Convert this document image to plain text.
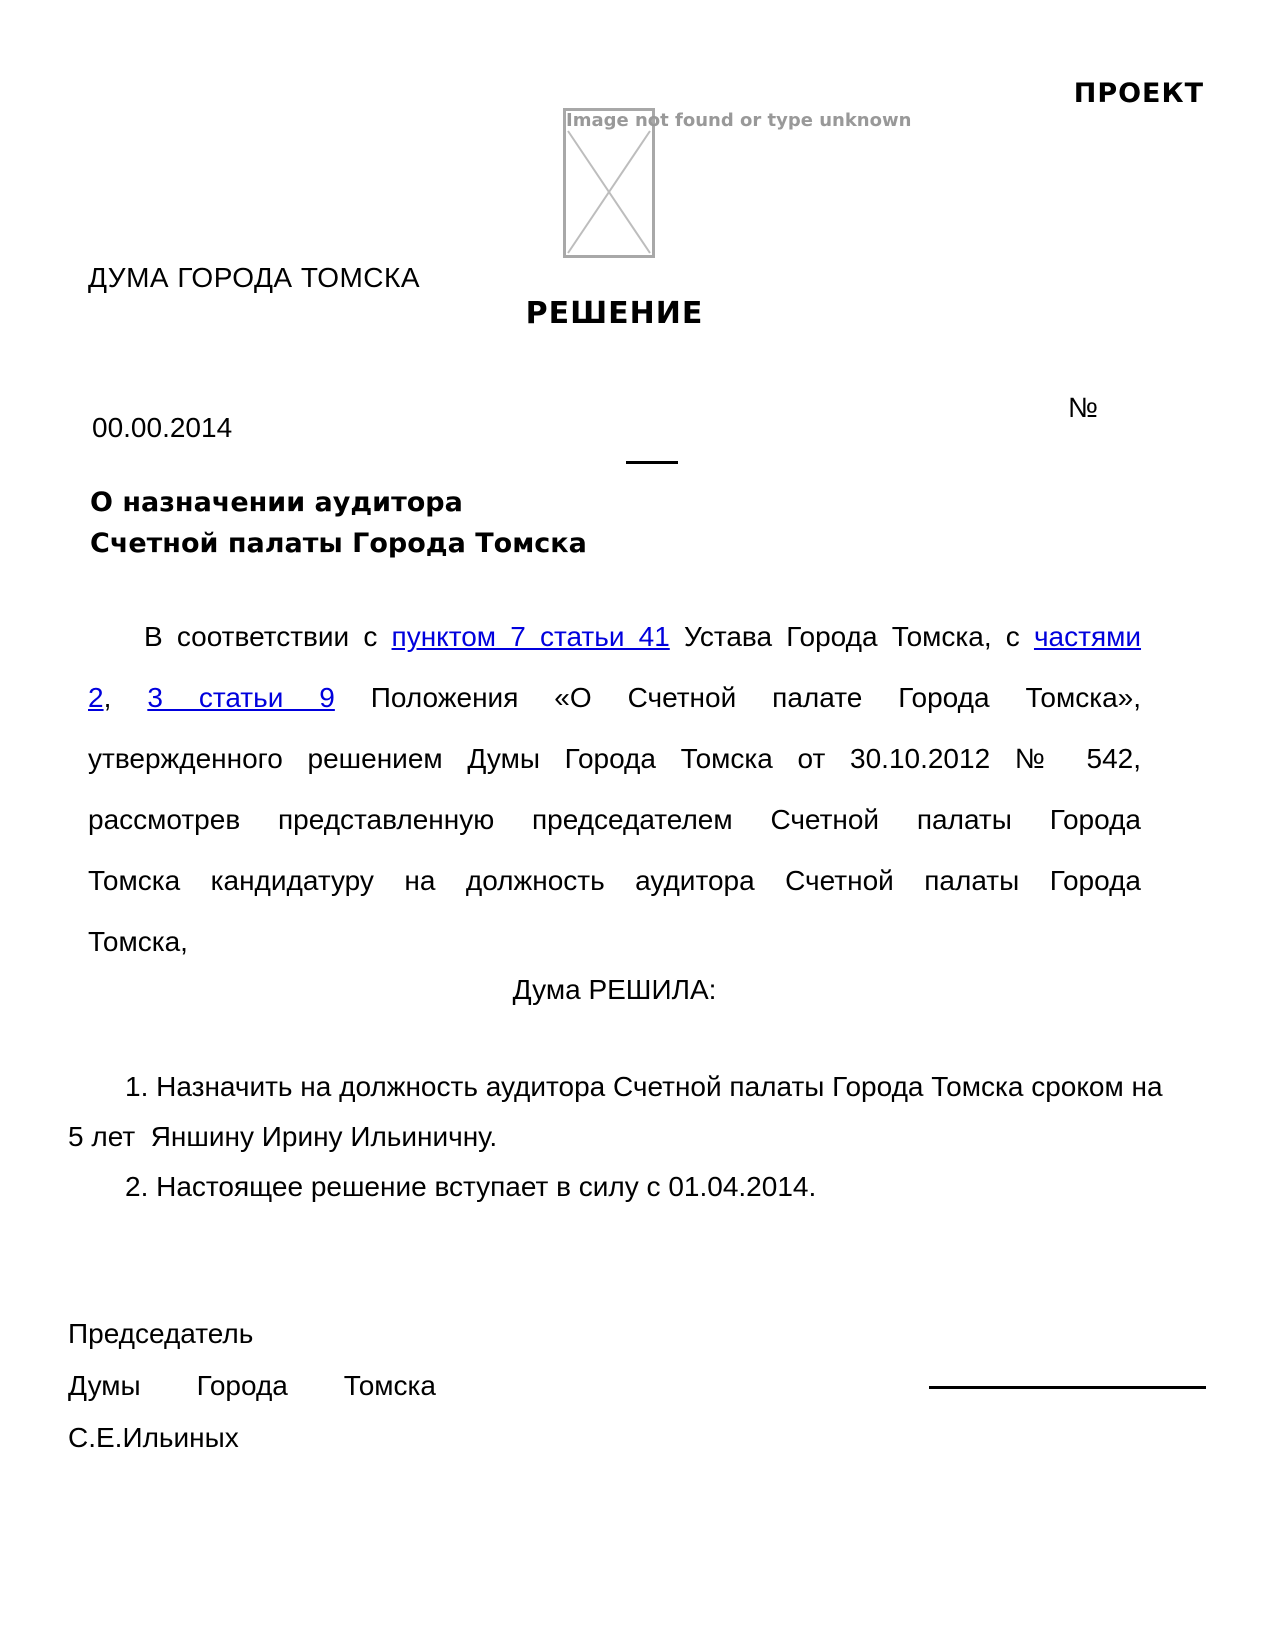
ПРОЕКТ
Image not found or type unknown
ДУМА ГОРОДА ТОМСКА
РЕШЕНИЕ
00.00.2014
№
О назначении аудитора
Счетной палаты Города Томска
В соответствии с пунктом 7 статьи 41 Устава Города Томска, с частями
2, 3 статьи 9 Положения «О Счетной палате Города Томска»,
утвержденного решением Думы Города Томска от 30.10.2012 № 542,
рассмотрев представленную председателем Счетной палаты Города
Томска кандидатуру на должность аудитора Счетной палаты Города
Томска,
Дума РЕШИЛА:
1. Назначить на должность аудитора Счетной палаты Города Томска сроком на
5 лет  Яншину Ирину Ильиничну.
2. Настоящее решение вступает в силу с 01.04.2014.
Председатель
Думы Города Томска
С.Е.Ильиных
